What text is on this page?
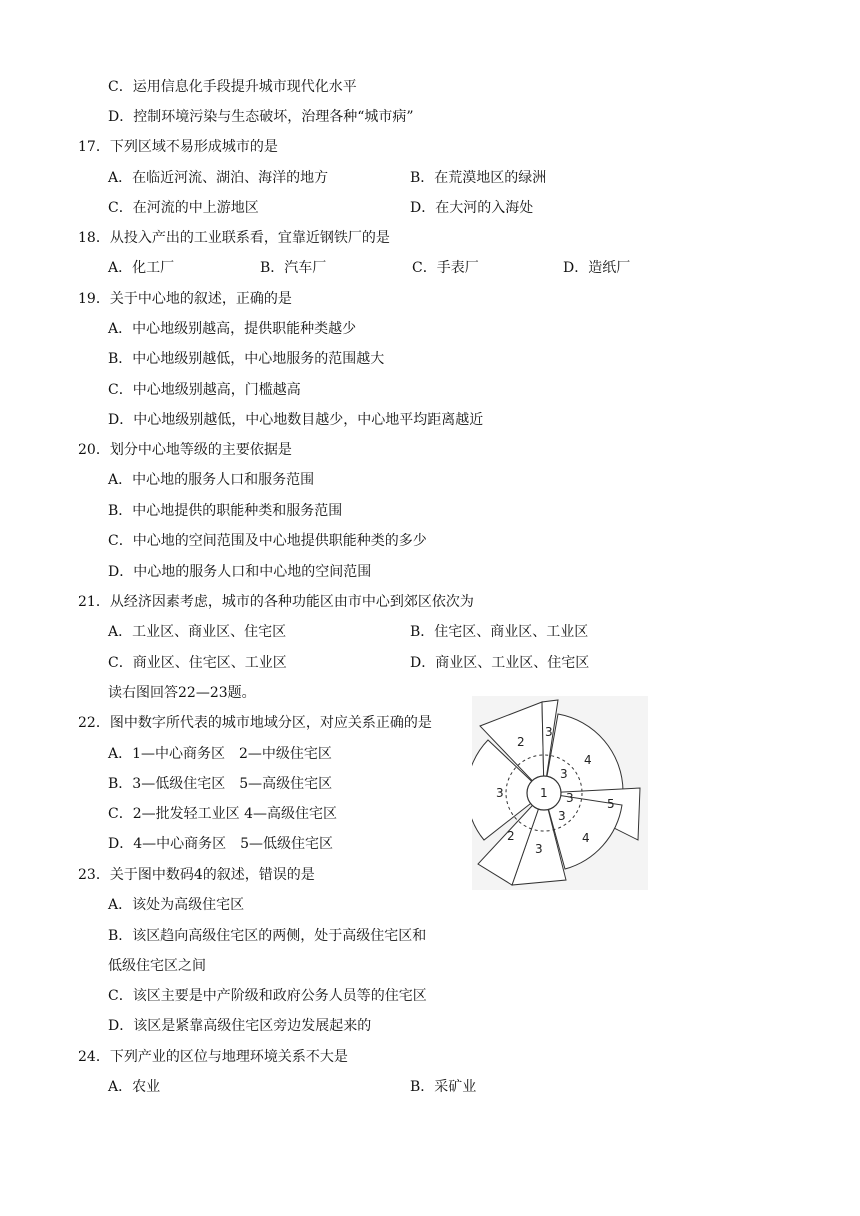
C．运用信息化手段提升城市现代化水平
D．控制环境污染与生态破坏，治理各种“城市病”
17．下列区域不易形成城市的是
A．在临近河流、湖泊、海洋的地方	B．在荒漠地区的绿洲
C．在河流的中上游地区	D．在大河的入海处
18．从投入产出的工业联系看，宜靠近钢铁厂的是
A．化工厂	B．汽车厂	C．手表厂	D．造纸厂
19．关于中心地的叙述，正确的是
A．中心地级别越高，提供职能种类越少
B．中心地级别越低，中心地服务的范围越大
C．中心地级别越高，门槛越高
D．中心地级别越低，中心地数目越少，中心地平均距离越近
20．划分中心地等级的主要依据是
A．中心地的服务人口和服务范围
B．中心地提供的职能种类和服务范围
C．中心地的空间范围及中心地提供职能种类的多少
D．中心地的服务人口和中心地的空间范围
21．从经济因素考虑，城市的各种功能区由市中心到郊区依次为
A．工业区、商业区、住宅区	B．住宅区、商业区、工业区
C．商业区、住宅区、工业区	D．商业区、工业区、住宅区
读右图回答22—23题。
22．图中数字所代表的城市地域分区，对应关系正确的是
A．1—中心商务区　2—中级住宅区
B．3—低级住宅区　5—高级住宅区
C．2—批发轻工业区 4—高级住宅区
D．4—中心商务区　5—低级住宅区
23．关于图中数码4的叙述，错误的是
A．该处为高级住宅区
B．该区趋向高级住宅区的两侧，处于高级住宅区和
低级住宅区之间
C．该区主要是中产阶级和政府公务人员等的住宅区
D．该区是紧靠高级住宅区旁边发展起来的
24．下列产业的区位与地理环境关系不大是
A．农业	B．采矿业
1
2
3
4
3
3	5
3
4
3
2
3
